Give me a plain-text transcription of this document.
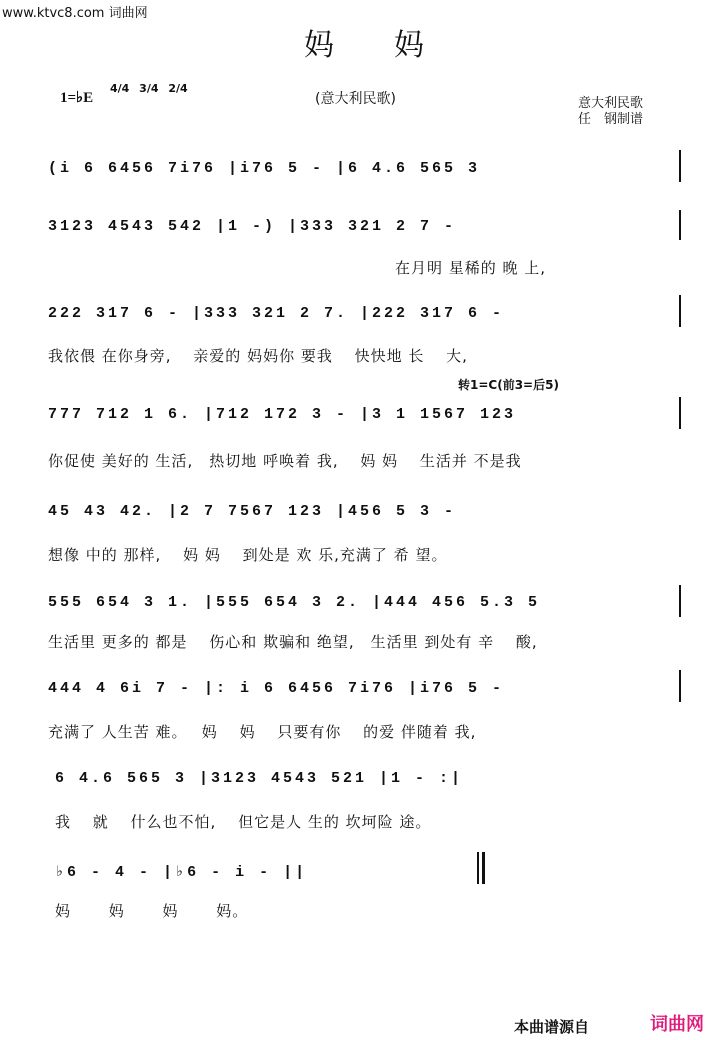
www.ktvc8.com 词曲网
妈妈
1=♭E
4/4 3/4 2/4
(意大利民歌)	意大利民歌
任　钢制谱
转1=C(前3=后5)
(i 6 6456 7i76 |i76 5 - |6 4.6 565 3
3123 4543 542 |1 -) |333 321 2 7 -
在月明 星稀的 晚 上,
222 317 6 - |333 321 2 7. |222 317 6 -
我依偎 在你身旁,　 亲爱的 妈妈你 要我　 快快地 长　 大,
777 712 1 6. |712 172 3 - |3 1 1567 123
你促使 美好的 生活,　热切地 呼唤着 我,　 妈 妈　 生活并 不是我
45 43 42. |2 7 7567 123 |456 5 3 -
想像 中的 那样,　 妈 妈　 到处是 欢 乐,充满了 希 望。
555 654 3 1. |555 654 3 2. |444 456 5.3 5
生活里 更多的 都是　 伤心和 欺骗和 绝望,　生活里 到处有 辛　 酸,
444 4 6i 7 - |: i 6 6456 7i76 |i76 5 -
充满了 人生苦 难。　 妈　 妈　 只要有你　 的爱 伴随着 我,
6 4.6 565 3 |3123 4543 521 |1 - :|
我　 就　 什么也不怕,　 但它是人 生的 坎坷险 途。
♭6 - 4 - |♭6 - i - ||
妈　　 妈　　 妈　　 妈。
本曲谱源自	词曲网
